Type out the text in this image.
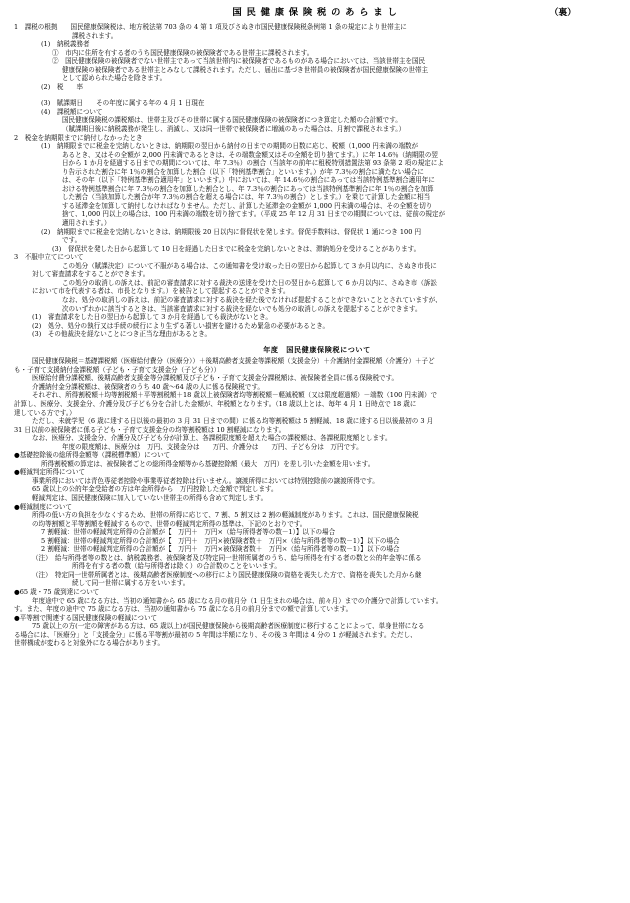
国民健康保険税のあらまし	（裏）

1　課税の根拠　　国民健康保険税は、地方税法第 703 条の 4 第 1 項及びさぬき市国民健康保険税条例第 1 条の規定により世帯主に

課税されます。

(1)　納税義務者

①　市内に住所を有する者のうち国民健康保険の被保険者である世帯主に課税されます。

②　国民健康保険の被保険者でない世帯主であって当該世帯内に被保険者であるものがある場合においては、当該世帯主を国民

健康保険の被保険者である世帯主とみなして課税されます。ただし、届出に基づき世帯員の被保険者が国民健康保険の世帯主

として認められた場合を除きます。

(2)　税　　率

(3)　賦課期日　　その年度に属する年の 4 月 1 日現在

(4)　課税額について

国民健康保険税の課税額は、世帯主及びその世帯に属する国民健康保険の被保険者につき算定した額の合計額です。

（賦課期日後に納税義務が発生し、消滅し、又は同一世帯で被保険者に増減のあった場合は、月割で課税されます。）

2　税金を納期限までに納付しなかったとき

(1)　納期限までに税金を完納しないときは、納期限の翌日から納付の日までの期間の日数に応じ、税額（1,000 円未満の端数が

あるとき、又はその全額が 2,000 円未満であるときは、その端数金額又はその全額を切り捨てます。）に年 14.6％（納期限の翌

日から 1 か月を経過する日までの期間については、年 7.3％）の割合（当該年の前年に租税特別措置法第 93 条第 2 項の規定によ

り告示された割合に年 1％の割合を加算した割合（以下「特例基準割合」といいます。）が年 7.3％の割合に満たない場合に

は、その年（以下「特例基準割合適用年」といいます。）中においては、年 14.6％の割合にあっては当該特例基準割合適用年に

おける特例基準割合に年 7.3％の割合を加算した割合とし、年 7.3％の割合にあっては当該特例基準割合に年 1％の割合を加算

した割合（当該加算した割合が年 7.3％の割合を超える場合には、年 7.3％の割合）とします。）を乗じて計算した金額に相当

する延滞金を加算して納付しなければなりません。ただし、計算した延滞金の金額が 1,000 円未満の場合は、その全額を切り

捨て、1,000 円以上の場合は、100 円未満の端数を切り捨てます。（平成 25 年 12 月 31 日までの期間については、従前の規定が

適用されます。）

(2)　納期限までに税金を完納しないときは、納期限後 20 日以内に督促状を発します。督促手数料は、督促状 1 通につき 100 円

です。

(3)　督促状を発した日から起算して 10 日を経過した日までに税金を完納しないときは、滞納処分を受けることがあります。

3　不服申立てについて

この処分（賦課決定）について不服がある場合は、この通知書を受け取った日の翌日から起算して 3 か月以内に、さぬき市長に

対して審査請求をすることができます。

この処分の取消しの訴えは、前記の審査請求に対する裁決の送達を受けた日の翌日から起算して 6 か月以内に、さぬき市（訴訟

において市を代表する者は、市長となります。）を被告として提起することができます。

なお、処分の取消しの訴えは、前記の審査請求に対する裁決を経た後でなければ提起することができないこととされていますが、

次のいずれかに該当するときは、当該審査請求に対する裁決を経ないでも処分の取消しの訴えを提起することができます。

(1)　審査請求をした日の翌日から起算して 3 か月を経過しても裁決がないとき。

(2)　処分、処分の執行又は手続の続行により生ずる著しい損害を避けるため緊急の必要があるとき。

(3)　その他裁決を経ないことにつき正当な理由があるとき。

年度　国民健康保険税について

国民健康保険税＝基礎課税額（医療給付費分（医療分））＋後期高齢者支援金等課税額（支援金分）＋介護納付金課税額（介護分）＋子ど

も・子育て支援納付金課税額（子ども・子育て支援金分（子ども分））

医療給付費分課税額、後期高齢者支援金等分課税額及び子ども・子育て支援金分課税額は、被保険者全員に係る保険税です。

介護納付金分課税額は、被保険者のうち 40 歳～64 歳の人に係る保険税です。

それぞれ、所得割税額＋均等割税額＋平等割税額＋18 歳以上被保険者均等割税額－軽減税額（又は限度超過額）－端数（100 円未満）で

計算し、医療分、支援金分、介護分及び子ども分を合計した金額が、年税額となります。（18 歳以上とは、毎年 4 月 1 日時点で 18 歳に

達している方です。）

ただし、未就学児（6 歳に達する日以後の最初の 3 月 31 日までの間）に係る均等割税額は 5 割軽減、18 歳に達する日以後最初の 3 月

31 日以前の被保険者に係る子ども・子育て支援金分の均等割税額は 10 割軽減になります。

なお、医療分、支援金分、介護分及び子ども分が計算上、各課税限度額を超えた場合の課税額は、各課税限度額とします。

年度の限度額は、医療分は　万円、支援金分は　　万円、介護分は　　万円、子ども分は　万円です。

●基礎控除後の総所得金額等（課税標準額）について

所得割税額の算定は、被保険者ごとの総所得金額等から基礎控除額（最大　万円）を差し引いた金額を用います。

●軽減判定所得について

事業所得においては青色専従者控除や事業専従者控除は行いません。譲渡所得においては特別控除前の譲渡所得です。

65 歳以上の公的年金受給者の方は年金所得から　万円控除した金額で判定します。

軽減判定は、国民健康保険に加入していない世帯主の所得も含めて判定します。

●軽減制度について

所得の低い方の負担を少なくするため、世帯の所得に応じて、7 割、5 割又は 2 割の軽減制度があります。これは、国民健康保険税

の均等割額と平等割額を軽減するもので、世帯の軽減判定所得の基準は、下記のとおりです。

7 割軽減：世帯の軽減判定所得の合計額が【　万円＋　万円×（給与所得者等の数－1）】以下の場合

5 割軽減：世帯の軽減判定所得の合計額が【　万円＋　万円×被保険者数＋　万円×（給与所得者等の数－1）】以下の場合

2 割軽減：世帯の軽減判定所得の合計額が【　万円＋　万円×被保険者数＋　万円×（給与所得者等の数－1）】以下の場合

（注）　給与所得者等の数とは、納税義務者、被保険者及び特定同一世帯所属者のうち、給与所得を有する者の数と公的年金等に係る

所得を有する者の数（給与所得者は除く）の合計数のことをいいます。

（注）　特定同一世帯所属者とは、後期高齢者医療制度への移行により国民健康保険の資格を喪失した方で、資格を喪失した月から継

続して同一世帯に属する方をいいます。

●65 歳・75 歳到達について

年度途中で 65 歳になる方は、当初の通知書から 65 歳になる月の前月分（1 日生まれの場合は、前々月）までの介護分で計算しています。

す。また、年度の途中で 75 歳になる方は、当初の通知書から 75 歳になる月の前月分までの額で計算しています。

●平等割で関連する国民健康保険の軽減について

75 歳以上の方(一定の障害がある方は、65 歳以上)が国民健康保険から後期高齢者医療制度に移行することによって、単身世帯になる

る場合には、「医療分」と「支援金分」に係る平等割が最初の 5 年間は半額になり、その後 3 年間は 4 分の 1 が軽減されます。ただし、

世帯構成が変わると対象外になる場合があります。
